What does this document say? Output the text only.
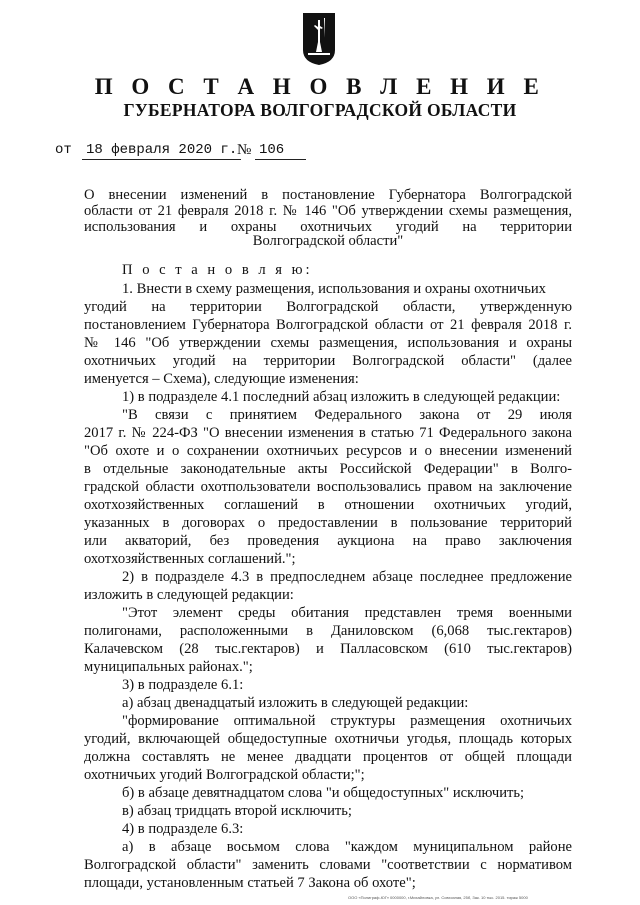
П О С Т А Н О В Л Е Н И Е
ГУБЕРНАТОРА ВОЛГОГРАДСКОЙ ОБЛАСТИ
от 18 февраля 2020 г. № 106
О внесении изменений в постановление Губернатора Волгоградской
области от 21 февраля 2018 г. № 146 "Об утверждении схемы размещения,
использования и охраны охотничьих угодий на территории
Волгоградской области"
П о с т а н о в л я ю:
1. Внести в схему размещения, использования и охраны охотничьих
угодий на территории Волгоградской области, утвержденную
постановлением Губернатора Волгоградской области от 21 февраля 2018 г.
№ 146 "Об утверждении схемы размещения, использования и охраны
охотничьих угодий на территории Волгоградской области" (далее
именуется – Схема), следующие изменения:
1) в подразделе 4.1 последний абзац изложить в следующей редакции:
"В связи с принятием Федерального закона от 29 июля
2017 г. № 224-ФЗ "О внесении изменения в статью 71 Федерального закона
"Об охоте и о сохранении охотничьих ресурсов и о внесении изменений
в отдельные законодательные акты Российской Федерации" в Волго-
градской области охотпользователи воспользовались правом на заключение
охотхозяйственных соглашений в отношении охотничьих угодий,
указанных в договорах о предоставлении в пользование территорий
или акваторий, без проведения аукциона на право заключения
охотхозяйственных соглашений.";
2) в подразделе 4.3 в предпоследнем абзаце последнее предложение
изложить в следующей редакции:
"Этот элемент среды обитания представлен тремя военными
полигонами, расположенными в Даниловском (6,068 тыс.гектаров)
Калачевском (28 тыс.гектаров) и Палласовском (610 тыс.гектаров)
муниципальных районах.";
3) в подразделе 6.1:
а) абзац двенадцатый изложить в следующей редакции:
"формирование оптимальной структуры размещения охотничьих
угодий, включающей общедоступные охотничьи угодья, площадь которых
должна составлять не менее двадцати процентов от общей площади
охотничьих угодий Волгоградской области;";
б) в абзаце девятнадцатом слова "и общедоступных" исключить;
в) абзац тридцать второй исключить;
4) в подразделе 6.3:
а) в абзаце восьмом слова "каждом муниципальном районе
Волгоградской области" заменить словами "соответствии с нормативом
площади, установленным статьей 7 Закона об охоте";
ООО «Полиграф-ЮГ» 0000000, г.Михайловка, ул. Совхозная, 25б, Зак. 10 тыс. 2015. тираж 5000
